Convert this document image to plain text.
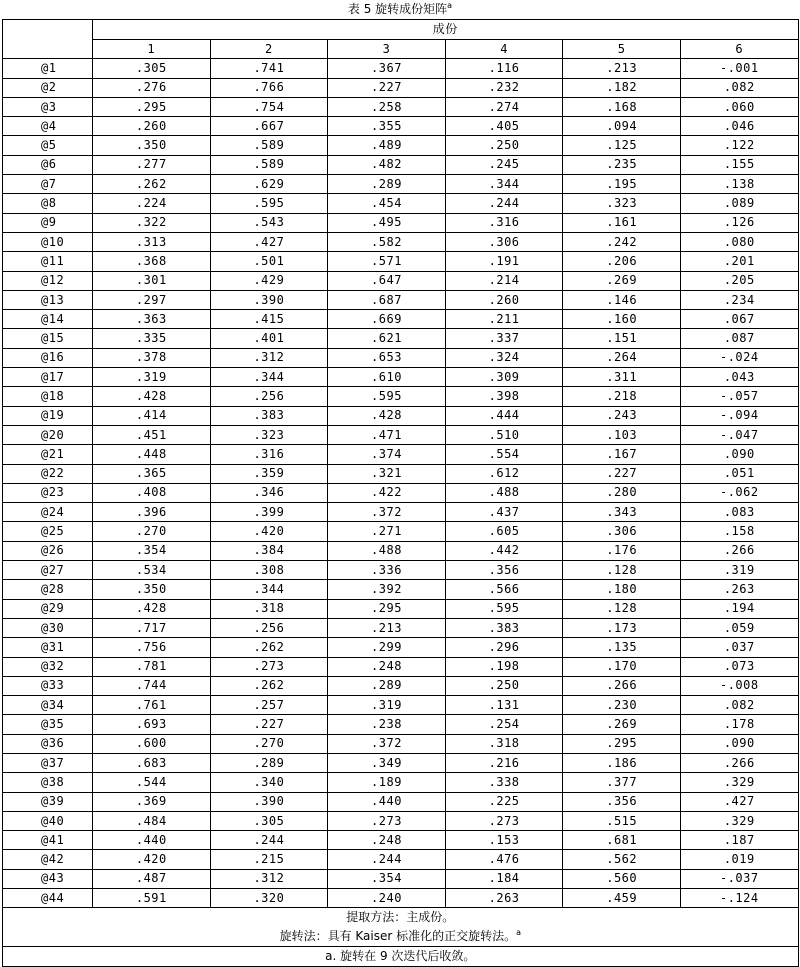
表 5 旋转成份矩阵$^a$
	成份					
	1	2	3	4	5	6
@1	.305	.741	.367	.116	.213	-.001
@2	.276	.766	.227	.232	.182	.082
@3	.295	.754	.258	.274	.168	.060
@4	.260	.667	.355	.405	.094	.046
@5	.350	.589	.489	.250	.125	.122
@6	.277	.589	.482	.245	.235	.155
@7	.262	.629	.289	.344	.195	.138
@8	.224	.595	.454	.244	.323	.089
@9	.322	.543	.495	.316	.161	.126
@10	.313	.427	.582	.306	.242	.080
@11	.368	.501	.571	.191	.206	.201
@12	.301	.429	.647	.214	.269	.205
@13	.297	.390	.687	.260	.146	.234
@14	.363	.415	.669	.211	.160	.067
@15	.335	.401	.621	.337	.151	.087
@16	.378	.312	.653	.324	.264	-.024
@17	.319	.344	.610	.309	.311	.043
@18	.428	.256	.595	.398	.218	-.057
@19	.414	.383	.428	.444	.243	-.094
@20	.451	.323	.471	.510	.103	-.047
@21	.448	.316	.374	.554	.167	.090
@22	.365	.359	.321	.612	.227	.051
@23	.408	.346	.422	.488	.280	-.062
@24	.396	.399	.372	.437	.343	.083
@25	.270	.420	.271	.605	.306	.158
@26	.354	.384	.488	.442	.176	.266
@27	.534	.308	.336	.356	.128	.319
@28	.350	.344	.392	.566	.180	.263
@29	.428	.318	.295	.595	.128	.194
@30	.717	.256	.213	.383	.173	.059
@31	.756	.262	.299	.296	.135	.037
@32	.781	.273	.248	.198	.170	.073
@33	.744	.262	.289	.250	.266	-.008
@34	.761	.257	.319	.131	.230	.082
@35	.693	.227	.238	.254	.269	.178
@36	.600	.270	.372	.318	.295	.090
@37	.683	.289	.349	.216	.186	.266
@38	.544	.340	.189	.338	.377	.329
@39	.369	.390	.440	.225	.356	.427
@40	.484	.305	.273	.273	.515	.329
@41	.440	.244	.248	.153	.681	.187
@42	.420	.215	.244	.476	.562	.019
@43	.487	.312	.354	.184	.560	-.037
@44	.591	.320	.240	.263	.459	-.124
提取方法：主成份。						
旋转法：具有 Kaiser 标准化的正交旋转法。$^a$
a. 旋转在 9 次迭代后收敛。						
